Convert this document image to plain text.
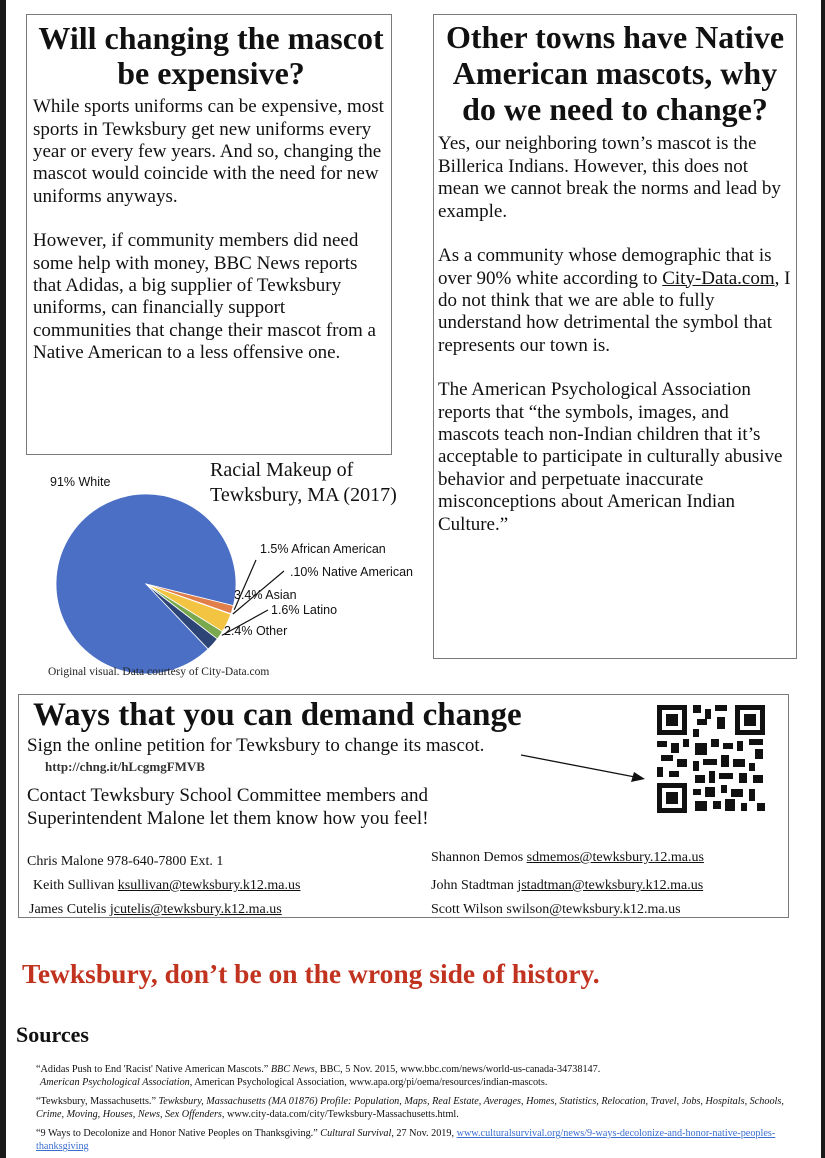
Will changing the mascot be expensive?

While sports uniforms can be expensive, most sports in Tewksbury get new uniforms every year or every few years. And so, changing the mascot would coincide with the need for new uniforms anyways.

However, if community members did need some help with money, BBC News reports that Adidas, a big supplier of Tewksbury uniforms, can financially support communities that change their mascot from a Native American to a less offensive one.

Other towns have Native American mascots, why do we need to change?

Yes, our neighboring town’s mascot is the Billerica Indians. However, this does not mean we cannot break the norms and lead by example.

As a community whose demographic that is over 90% white according to City-Data.com, I do not think that we are able to fully understand how detrimental the symbol that represents our town is.

The American Psychological Association reports that “the symbols, images, and mascots teach non-Indian children that it’s acceptable to participate in culturally abusive behavior and perpetuate inaccurate misconceptions about American Indian Culture.”

Racial Makeup of
Tewksbury, MA (2017)
91% White
1.5% African American
.10% Native American
3.4% Asian
1.6% Latino
2.4% Other
Original visual. Data courtesy of City-Data.com
Ways that you can demand change
Sign the online petition for Tewksbury to change its mascot.
http://chng.it/hLcgmgFMVB
Contact Tewksbury School Committee members and Superintendent Malone let them know how you feel!
Chris Malone 978-640-7800 Ext. 1
Keith Sullivan ksullivan@tewksbury.k12.ma.us
James Cutelis jcutelis@tewksbury.k12.ma.us
Shannon Demos sdmemos@tewksbury.12.ma.us
John Stadtman jstadtman@tewksbury.k12.ma.us
Scott Wilson swilson@tewksbury.k12.ma.us
Tewksbury, don’t be on the wrong side of history.
Sources
“Adidas Push to End 'Racist' Native American Mascots.” BBC News, BBC, 5 Nov. 2015, www.bbc.com/news/world-us-canada-34738147.
American Psychological Association, American Psychological Association, www.apa.org/pi/oema/resources/indian-mascots.
“Tewksbury, Massachusetts.” Tewksbury, Massachusetts (MA 01876) Profile: Population, Maps, Real Estate, Averages, Homes, Statistics, Relocation, Travel, Jobs, Hospitals, Schools, Crime, Moving, Houses, News, Sex Offenders, www.city-data.com/city/Tewksbury-Massachusetts.html.
“9 Ways to Decolonize and Honor Native Peoples on Thanksgiving.” Cultural Survival, 27 Nov. 2019, www.culturalsurvival.org/news/9-ways-decolonize-and-honor-native-peoples-thanksgiving
